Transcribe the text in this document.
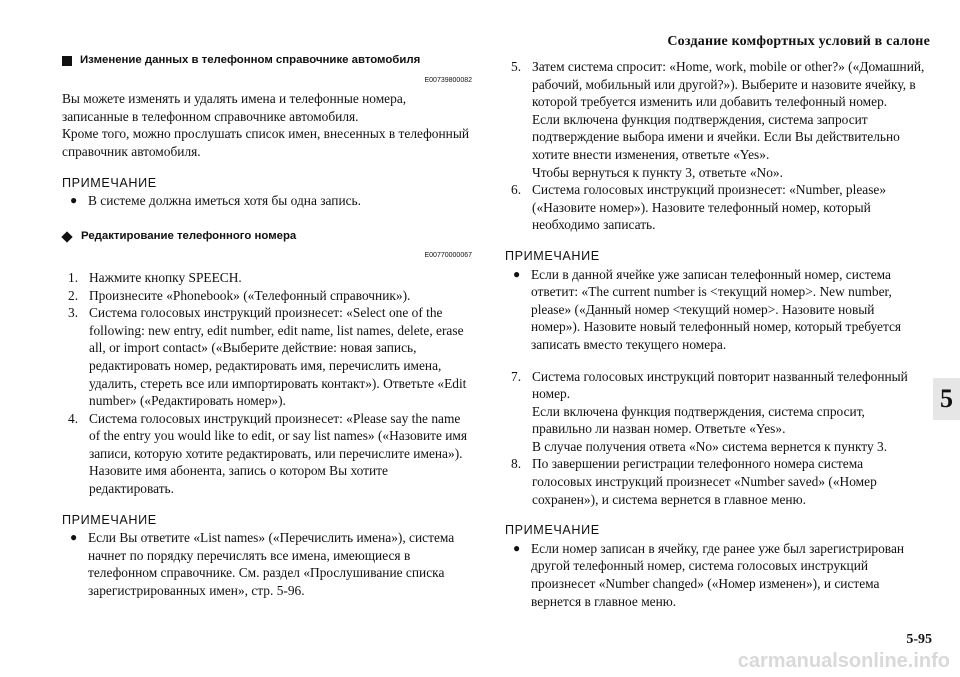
Создание комфортных условий в салоне
5
Изменение данных в телефонном справочнике автомобиля
E00739800082

Вы можете изменять и удалять имена и телефонные номера, записанные в телефонном справочнике автомобиля.

Кроме того, можно прослушать список имен, внесенных в телефонный справочник автомобиля.

ПРИМЕЧАНИЕ
● В системе должна иметься хотя бы одна запись.
Редактирование телефонного номера
E00770000067
1. Нажмите кнопку SPEECH.
2. Произнесите «Phonebook» («Телефонный справочник»).
3. Система голосовых инструкций произнесет: «Select one of the following: new entry, edit number, edit name, list names, delete, erase all, or import contact» («Выберите действие: новая запись, редактировать номер, редактировать имя, перечислить имена, удалить, стереть все или импортировать контакт»). Ответьте «Edit number» («Редактировать номер»).
4. Система голосовых инструкций произнесет: «Please say the name of the entry you would like to edit, or say list names» («Назовите имя записи, которую хотите редактировать, или перечислите имена»). Назовите имя абонента, запись о котором Вы хотите редактировать.
ПРИМЕЧАНИЕ
● Если Вы ответите «List names» («Перечислить имена»), система начнет по порядку перечислять все имена, имеющиеся в телефонном справочнике. См. раздел «Прослушивание списка зарегистрированных имен», стр. 5-96.
5. Затем система спросит: «Home, work, mobile or other?» («Домашний, рабочий, мобильный или другой?»). Выберите и назовите ячейку, в которой требуется изменить или добавить телефонный номер.
Если включена функция подтверждения, система запросит подтверждение выбора имени и ячейки. Если Вы действительно хотите внести изменения, ответьте «Yes».
Чтобы вернуться к пункту 3, ответьте «No».
6. Система голосовых инструкций произнесет: «Number, please» («Назовите номер»). Назовите телефонный номер, который необходимо записать.
ПРИМЕЧАНИЕ
● Если в данной ячейке уже записан телефонный номер, система ответит: «The current number is <текущий номер>. New number, please» («Данный номер <текущий номер>. Назовите новый номер»). Назовите новый телефонный номер, который требуется записать вместо текущего номера.
7. Система голосовых инструкций повторит названный телефонный номер.
Если включена функция подтверждения, система спросит, правильно ли назван номер. Ответьте «Yes».
В случае получения ответа «No» система вернется к пункту 3.
8. По завершении регистрации телефонного номера система голосовых инструкций произнесет «Number saved» («Номер сохранен»), и система вернется в главное меню.
ПРИМЕЧАНИЕ
● Если номер записан в ячейку, где ранее уже был зарегистрирован другой телефонный номер, система голосовых инструкций произнесет «Number changed» («Номер изменен»), и система вернется в главное меню.
5-95
carmanualsonline.info
